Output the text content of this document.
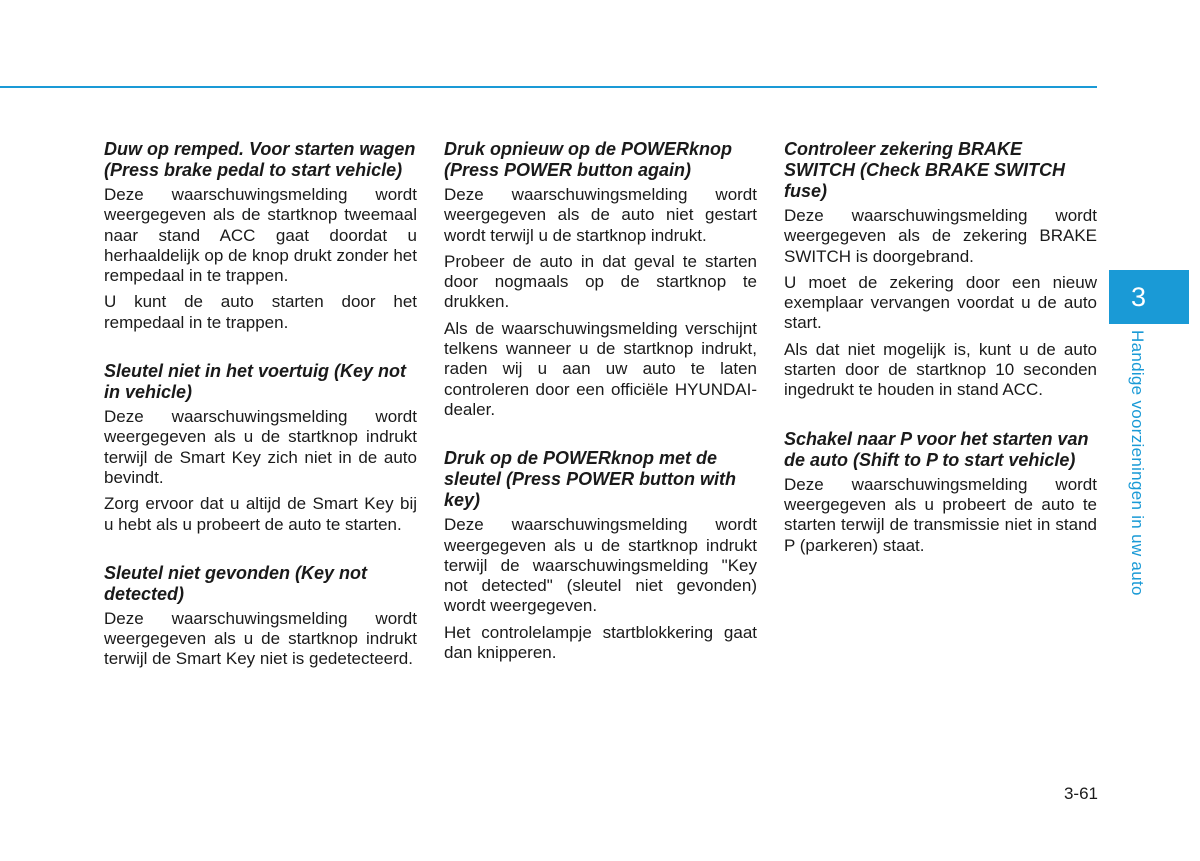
Duw op remped. Voor starten wagen (Press brake pedal to start vehicle)

Deze waarschuwingsmelding wordt weergegeven als de startknop tweemaal naar stand ACC gaat doordat u herhaaldelijk op de knop drukt zonder het rempedaal in te trappen.

U kunt de auto starten door het rempedaal in te trappen.

Sleutel niet in het voertuig (Key not in vehicle)

Deze waarschuwingsmelding wordt weergegeven als u de startknop indrukt terwijl de Smart Key zich niet in de auto bevindt.

Zorg ervoor dat u altijd de Smart Key bij u hebt als u probeert de auto te starten.

Sleutel niet gevonden (Key not detected)

Deze waarschuwingsmelding wordt weergegeven als u de startknop indrukt terwijl de Smart Key niet is gedetecteerd.

Druk opnieuw op de POWERknop (Press POWER button again)

Deze waarschuwingsmelding wordt weergegeven als de auto niet gestart wordt terwijl u de startknop indrukt.

Probeer de auto in dat geval te starten door nogmaals op de startknop te drukken.

Als de waarschuwingsmelding verschijnt telkens wanneer u de startknop indrukt, raden wij u aan uw auto te laten controleren door een officiële HYUNDAI-dealer.

Druk op de POWERknop met de sleutel (Press POWER button with key)

Deze waarschuwingsmelding wordt weergegeven als u de startknop indrukt terwijl de waarschuwingsmelding "Key not detected" (sleutel niet gevonden) wordt weergegeven.

Het controlelampje startblokkering gaat dan knipperen.

Controleer zekering BRAKE SWITCH (Check BRAKE SWITCH fuse)

Deze waarschuwingsmelding wordt weergegeven als de zekering BRAKE SWITCH is doorgebrand.

U moet de zekering door een nieuw exemplaar vervangen voordat u de auto start.

Als dat niet mogelijk is, kunt u de auto starten door de startknop 10 seconden ingedrukt te houden in stand ACC.

Schakel naar P voor het starten van de auto (Shift to P to start vehicle)

Deze waarschuwingsmelding wordt weergegeven als u probeert de auto te starten terwijl de transmissie niet in stand P (parkeren) staat.

3
Handige voorzieningen in uw auto
3-61
